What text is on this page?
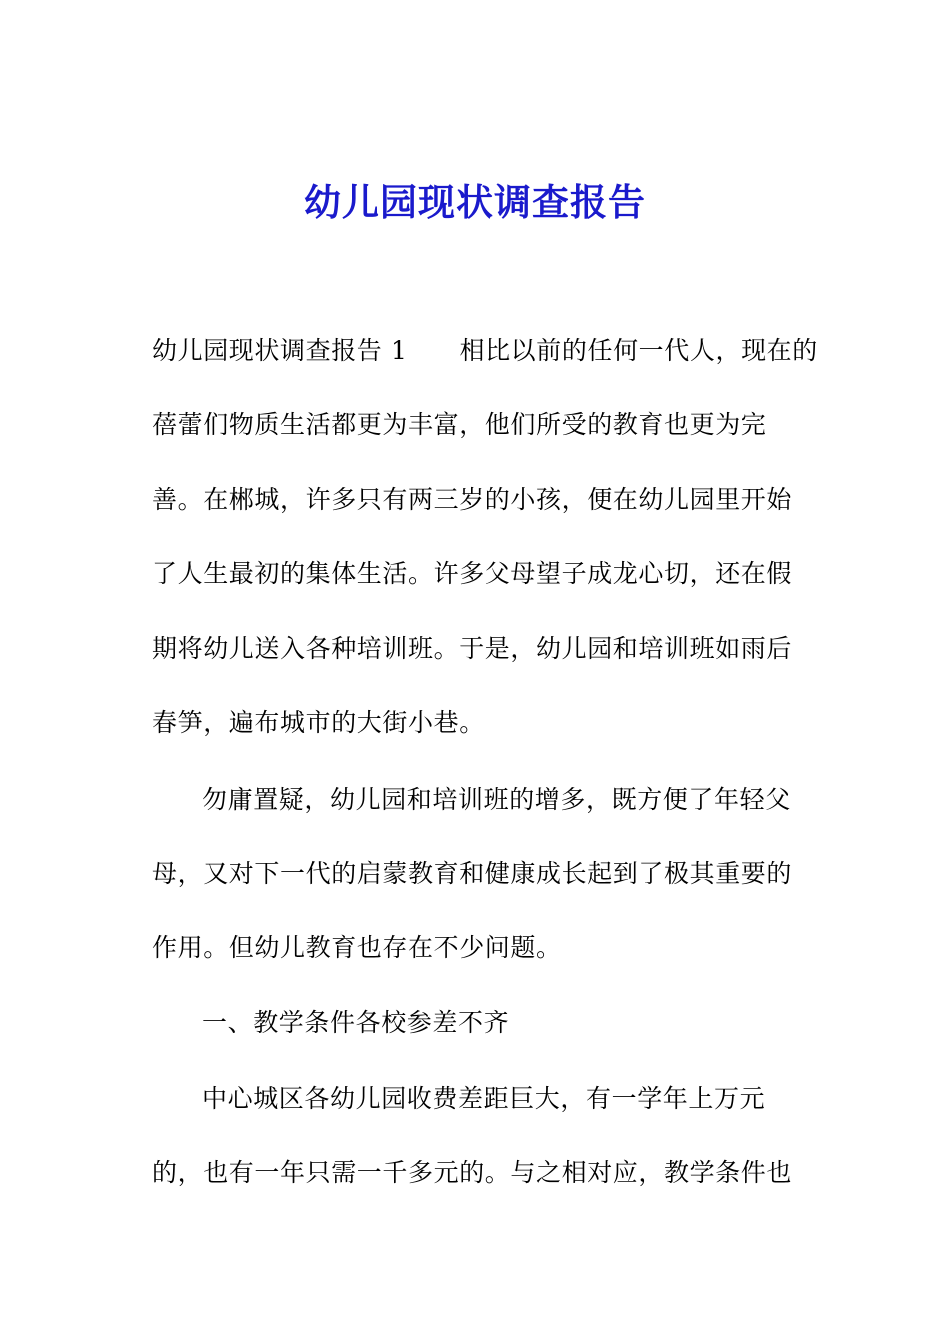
幼儿园现状调查报告
幼儿园现状调查报告 1 相比以前的任何一代人，现在的
蓓蕾们物质生活都更为丰富，他们所受的教育也更为完
善。在郴城，许多只有两三岁的小孩，便在幼儿园里开始
了人生最初的集体生活。许多父母望子成龙心切，还在假
期将幼儿送入各种培训班。于是，幼儿园和培训班如雨后
春笋，遍布城市的大街小巷。
勿庸置疑，幼儿园和培训班的增多，既方便了年轻父
母，又对下一代的启蒙教育和健康成长起到了极其重要的
作用。但幼儿教育也存在不少问题。
一、教学条件各校参差不齐
中心城区各幼儿园收费差距巨大，有一学年上万元
的，也有一年只需一千多元的。与之相对应，教学条件也
